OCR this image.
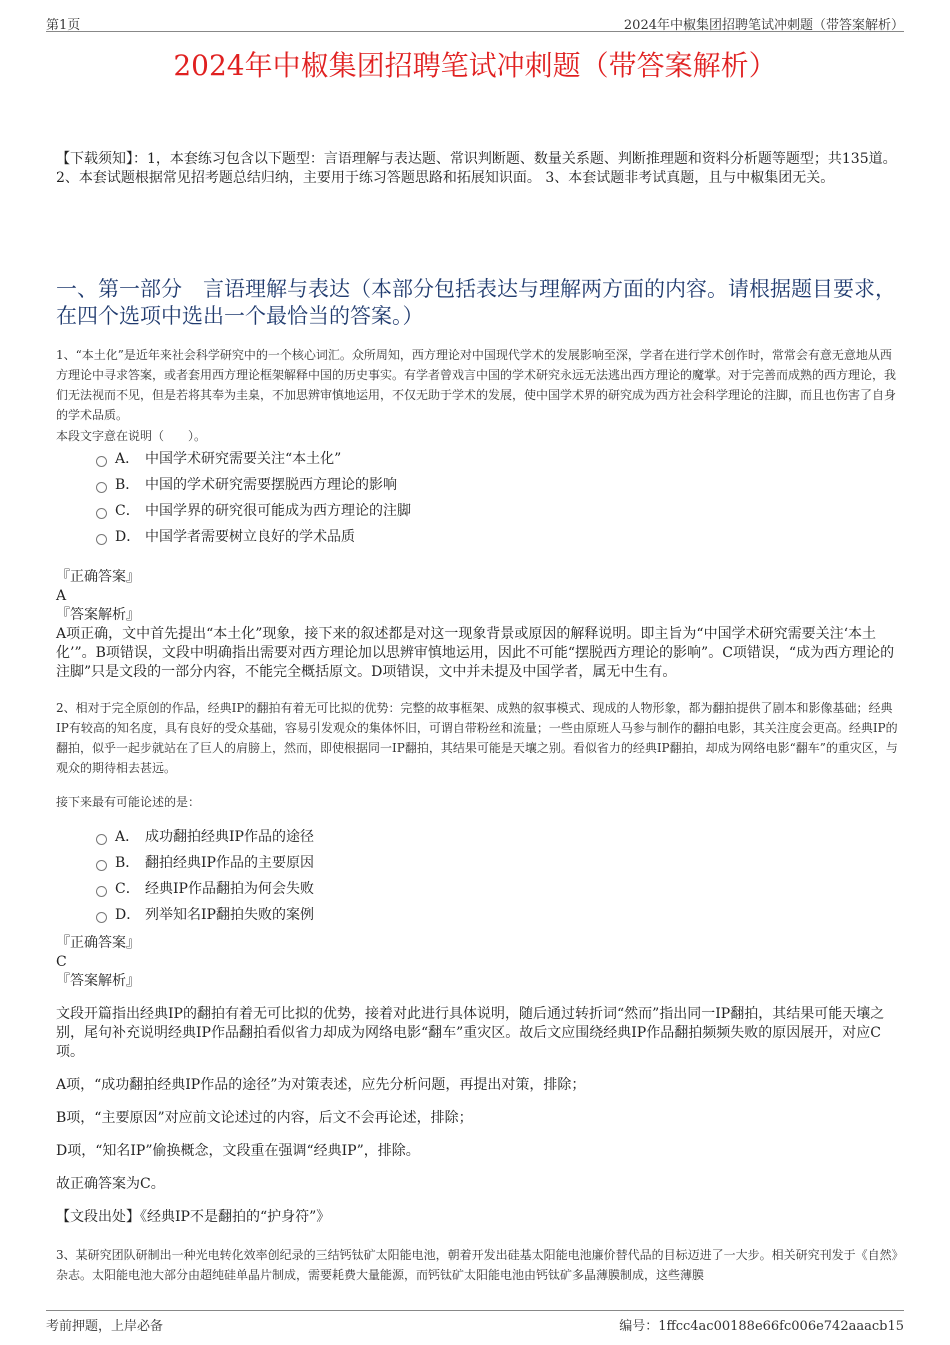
第1页	2024年中椒集团招聘笔试冲刺题（带答案解析）
2024年中椒集团招聘笔试冲刺题（带答案解析）
【下载须知】：1，本套练习包含以下题型：言语理解与表达题、常识判断题、数量关系题、判断推理题和资料分析题等题型；共135道。 2、本套试题根据常见招考题总结归纳，主要用于练习答题思路和拓展知识面。 3、本套试题非考试真题，且与中椒集团无关。
一、第一部分　言语理解与表达（本部分包括表达与理解两方面的内容。请根据题目要求，在四个选项中选出一个最恰当的答案。）
1、“本土化”是近年来社会科学研究中的一个核心词汇。众所周知，西方理论对中国现代学术的发展影响至深，学者在进行学术创作时，常常会有意无意地从西方理论中寻求答案，或者套用西方理论框架解释中国的历史事实。有学者曾戏言中国的学术研究永远无法逃出西方理论的魔掌。对于完善而成熟的西方理论，我们无法视而不见，但是若将其奉为圭臬，不加思辨审慎地运用，不仅无助于学术的发展，使中国学术界的研究成为西方社会科学理论的注脚，而且也伤害了自身的学术品质。
本段文字意在说明（　　）。
A． 中国学术研究需要关注“本土化”
B． 中国的学术研究需要摆脱西方理论的影响
C． 中国学界的研究很可能成为西方理论的注脚
D． 中国学者需要树立良好的学术品质

『正确答案』

A

『答案解析』

A项正确，文中首先提出“本土化”现象，接下来的叙述都是对这一现象背景或原因的解释说明。即主旨为“中国学术研究需要关注‘本土化’”。B项错误，文段中明确指出需要对西方理论加以思辨审慎地运用，因此不可能“摆脱西方理论的影响”。C项错误，“成为西方理论的注脚”只是文段的一部分内容，不能完全概括原文。D项错误，文中并未提及中国学者，属无中生有。

2、相对于完全原创的作品，经典IP的翻拍有着无可比拟的优势：完整的故事框架、成熟的叙事模式、现成的人物形象，都为翻拍提供了剧本和影像基础；经典IP有较高的知名度，具有良好的受众基础，容易引发观众的集体怀旧，可谓自带粉丝和流量；一些由原班人马参与制作的翻拍电影，其关注度会更高。经典IP的翻拍，似乎一起步就站在了巨人的肩膀上，然而，即使根据同一IP翻拍，其结果可能是天壤之别。看似省力的经典IP翻拍，却成为网络电影“翻车”的重灾区，与观众的期待相去甚远。
接下来最有可能论述的是：
A． 成功翻拍经典IP作品的途径
B． 翻拍经典IP作品的主要原因
C． 经典IP作品翻拍为何会失败
D． 列举知名IP翻拍失败的案例

『正确答案』

C

『答案解析』

文段开篇指出经典IP的翻拍有着无可比拟的优势，接着对此进行具体说明，随后通过转折词“然而”指出同一IP翻拍，其结果可能天壤之别，尾句补充说明经典IP作品翻拍看似省力却成为网络电影“翻车”重灾区。故后文应围绕经典IP作品翻拍频频失败的原因展开，对应C项。

A项，“成功翻拍经典IP作品的途径”为对策表述，应先分析问题，再提出对策，排除；

B项，“主要原因”对应前文论述过的内容，后文不会再论述，排除；

D项，“知名IP”偷换概念，文段重在强调“经典IP”，排除。

故正确答案为C。

【文段出处】《经典IP不是翻拍的“护身符”》

3、某研究团队研制出一种光电转化效率创纪录的三结钙钛矿太阳能电池，朝着开发出硅基太阳能电池廉价替代品的目标迈进了一大步。相关研究刊发于《自然》杂志。太阳能电池大部分由超纯硅单晶片制成，需要耗费大量能源，而钙钛矿太阳能电池由钙钛矿多晶薄膜制成，这些薄膜
考前押题，上岸必备	编号：1ffcc4ac00188e66fc006e742aaacb15
